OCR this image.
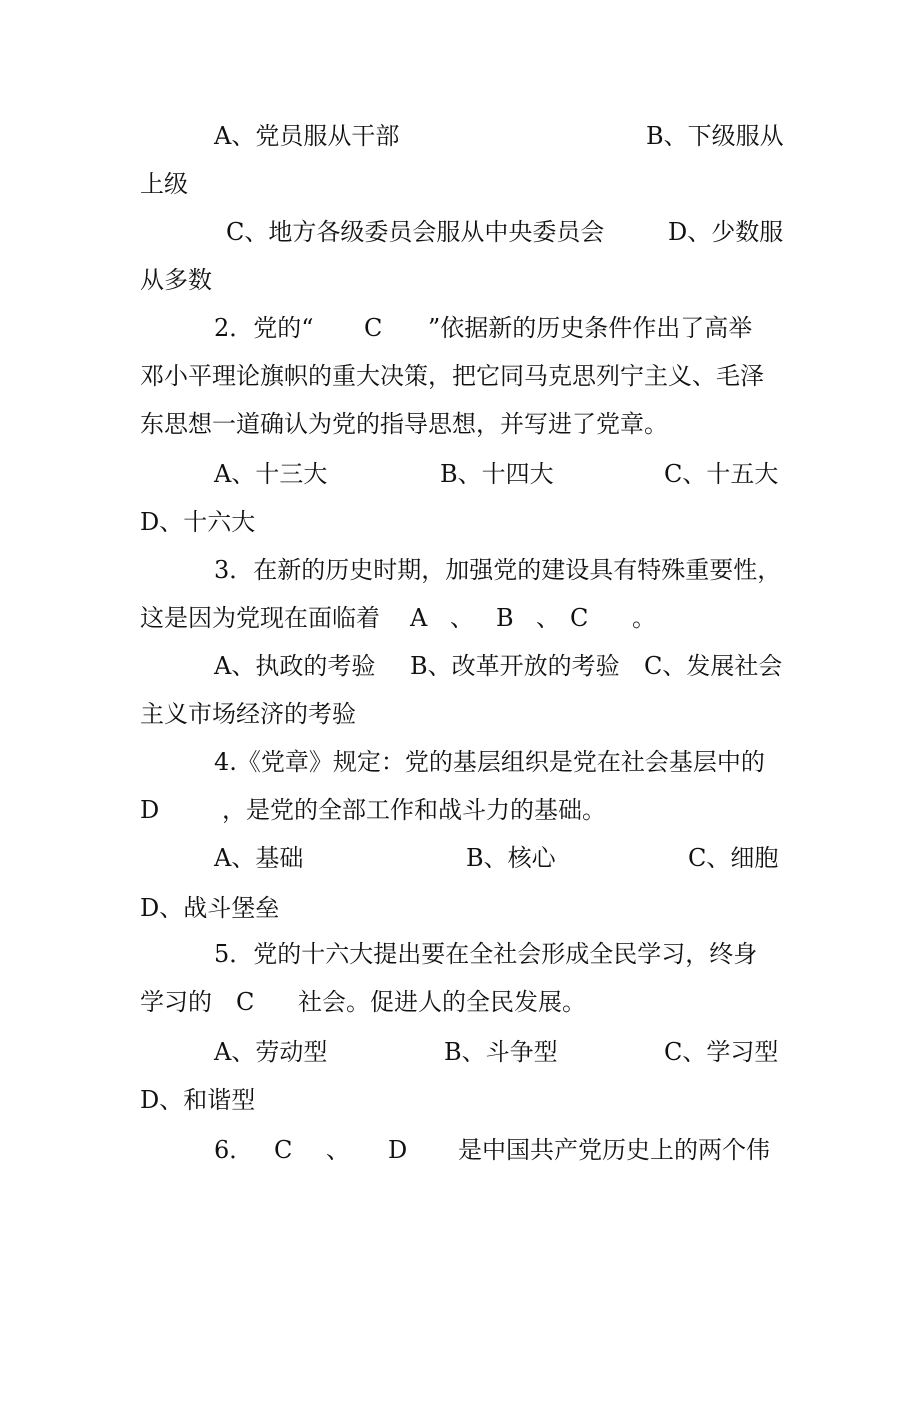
A、党员服从干部

	B、下级服从

上级

C、地方各级委员会服从中央委员会

	D、少数服

从多数

2．党的“

C

”依据新的历史条件作出了高举

邓小平理论旗帜的重大决策，把它同马克思列宁主义、毛泽

东思想一道确认为党的指导思想，并写进了党章。

A、十三大

	B、十四大

	C、十五大

D、十六大

3．在新的历史时期，加强党的建设具有特殊重要性，

这是因为党现在面临着

A

、

B

、

C

。

A、执政的考验

B、改革开放的考验

C、发展社会

主义市场经济的考验

4.《党章》规定：党的基层组织是党在社会基层中的

D

	，是党的全部工作和战斗力的基础。

A、基础

	B、核心

	C、细胞

D、战斗堡垒

5．党的十六大提出要在全社会形成全民学习，终身

学习的

C

社会。促进人的全民发展。

A、劳动型

	B、斗争型

	C、学习型

D、和谐型

6．

C

、

D

是中国共产党历史上的两个伟
